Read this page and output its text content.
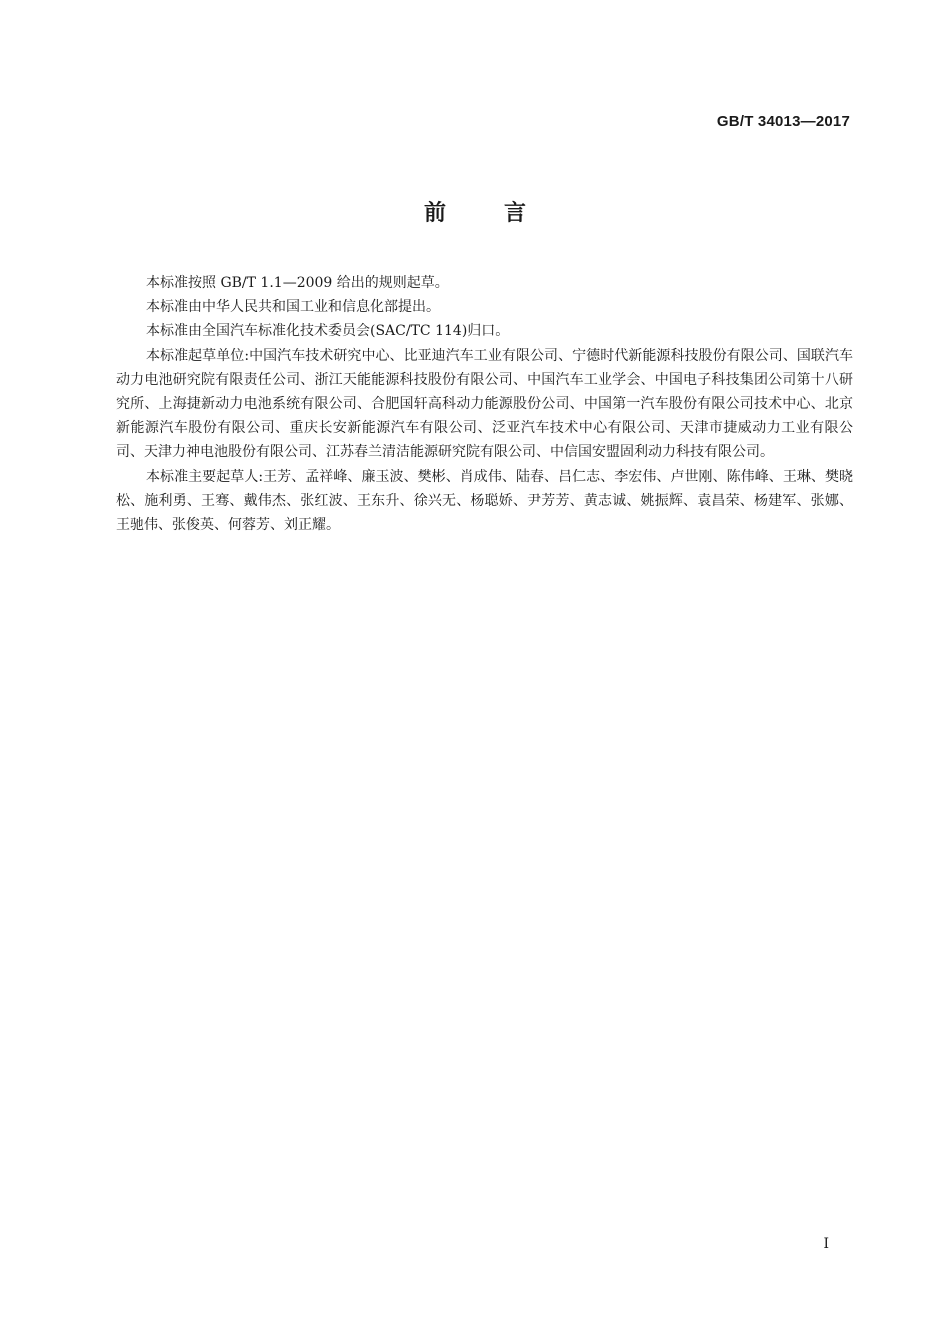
GB/T 34013—2017
前言

本标准按照 GB/T 1.1—2009 给出的规则起草。

本标准由中华人民共和国工业和信息化部提出。

本标准由全国汽车标准化技术委员会(SAC/TC 114)归口。

本标准起草单位:中国汽车技术研究中心、比亚迪汽车工业有限公司、宁德时代新能源科技股份有限公司、国联汽车动力电池研究院有限责任公司、浙江天能能源科技股份有限公司、中国汽车工业学会、中国电子科技集团公司第十八研究所、上海捷新动力电池系统有限公司、合肥国轩高科动力能源股份公司、中国第一汽车股份有限公司技术中心、北京新能源汽车股份有限公司、重庆长安新能源汽车有限公司、泛亚汽车技术中心有限公司、天津市捷威动力工业有限公司、天津力神电池股份有限公司、江苏春兰清洁能源研究院有限公司、中信国安盟固利动力科技有限公司。

本标准主要起草人:王芳、孟祥峰、廉玉波、樊彬、肖成伟、陆春、吕仁志、李宏伟、卢世刚、陈伟峰、王琳、樊晓松、施利勇、王骞、戴伟杰、张红波、王东升、徐兴无、杨聪娇、尹芳芳、黄志诚、姚振辉、袁昌荣、杨建军、张娜、王驰伟、张俊英、何蓉芳、刘正耀。

I
